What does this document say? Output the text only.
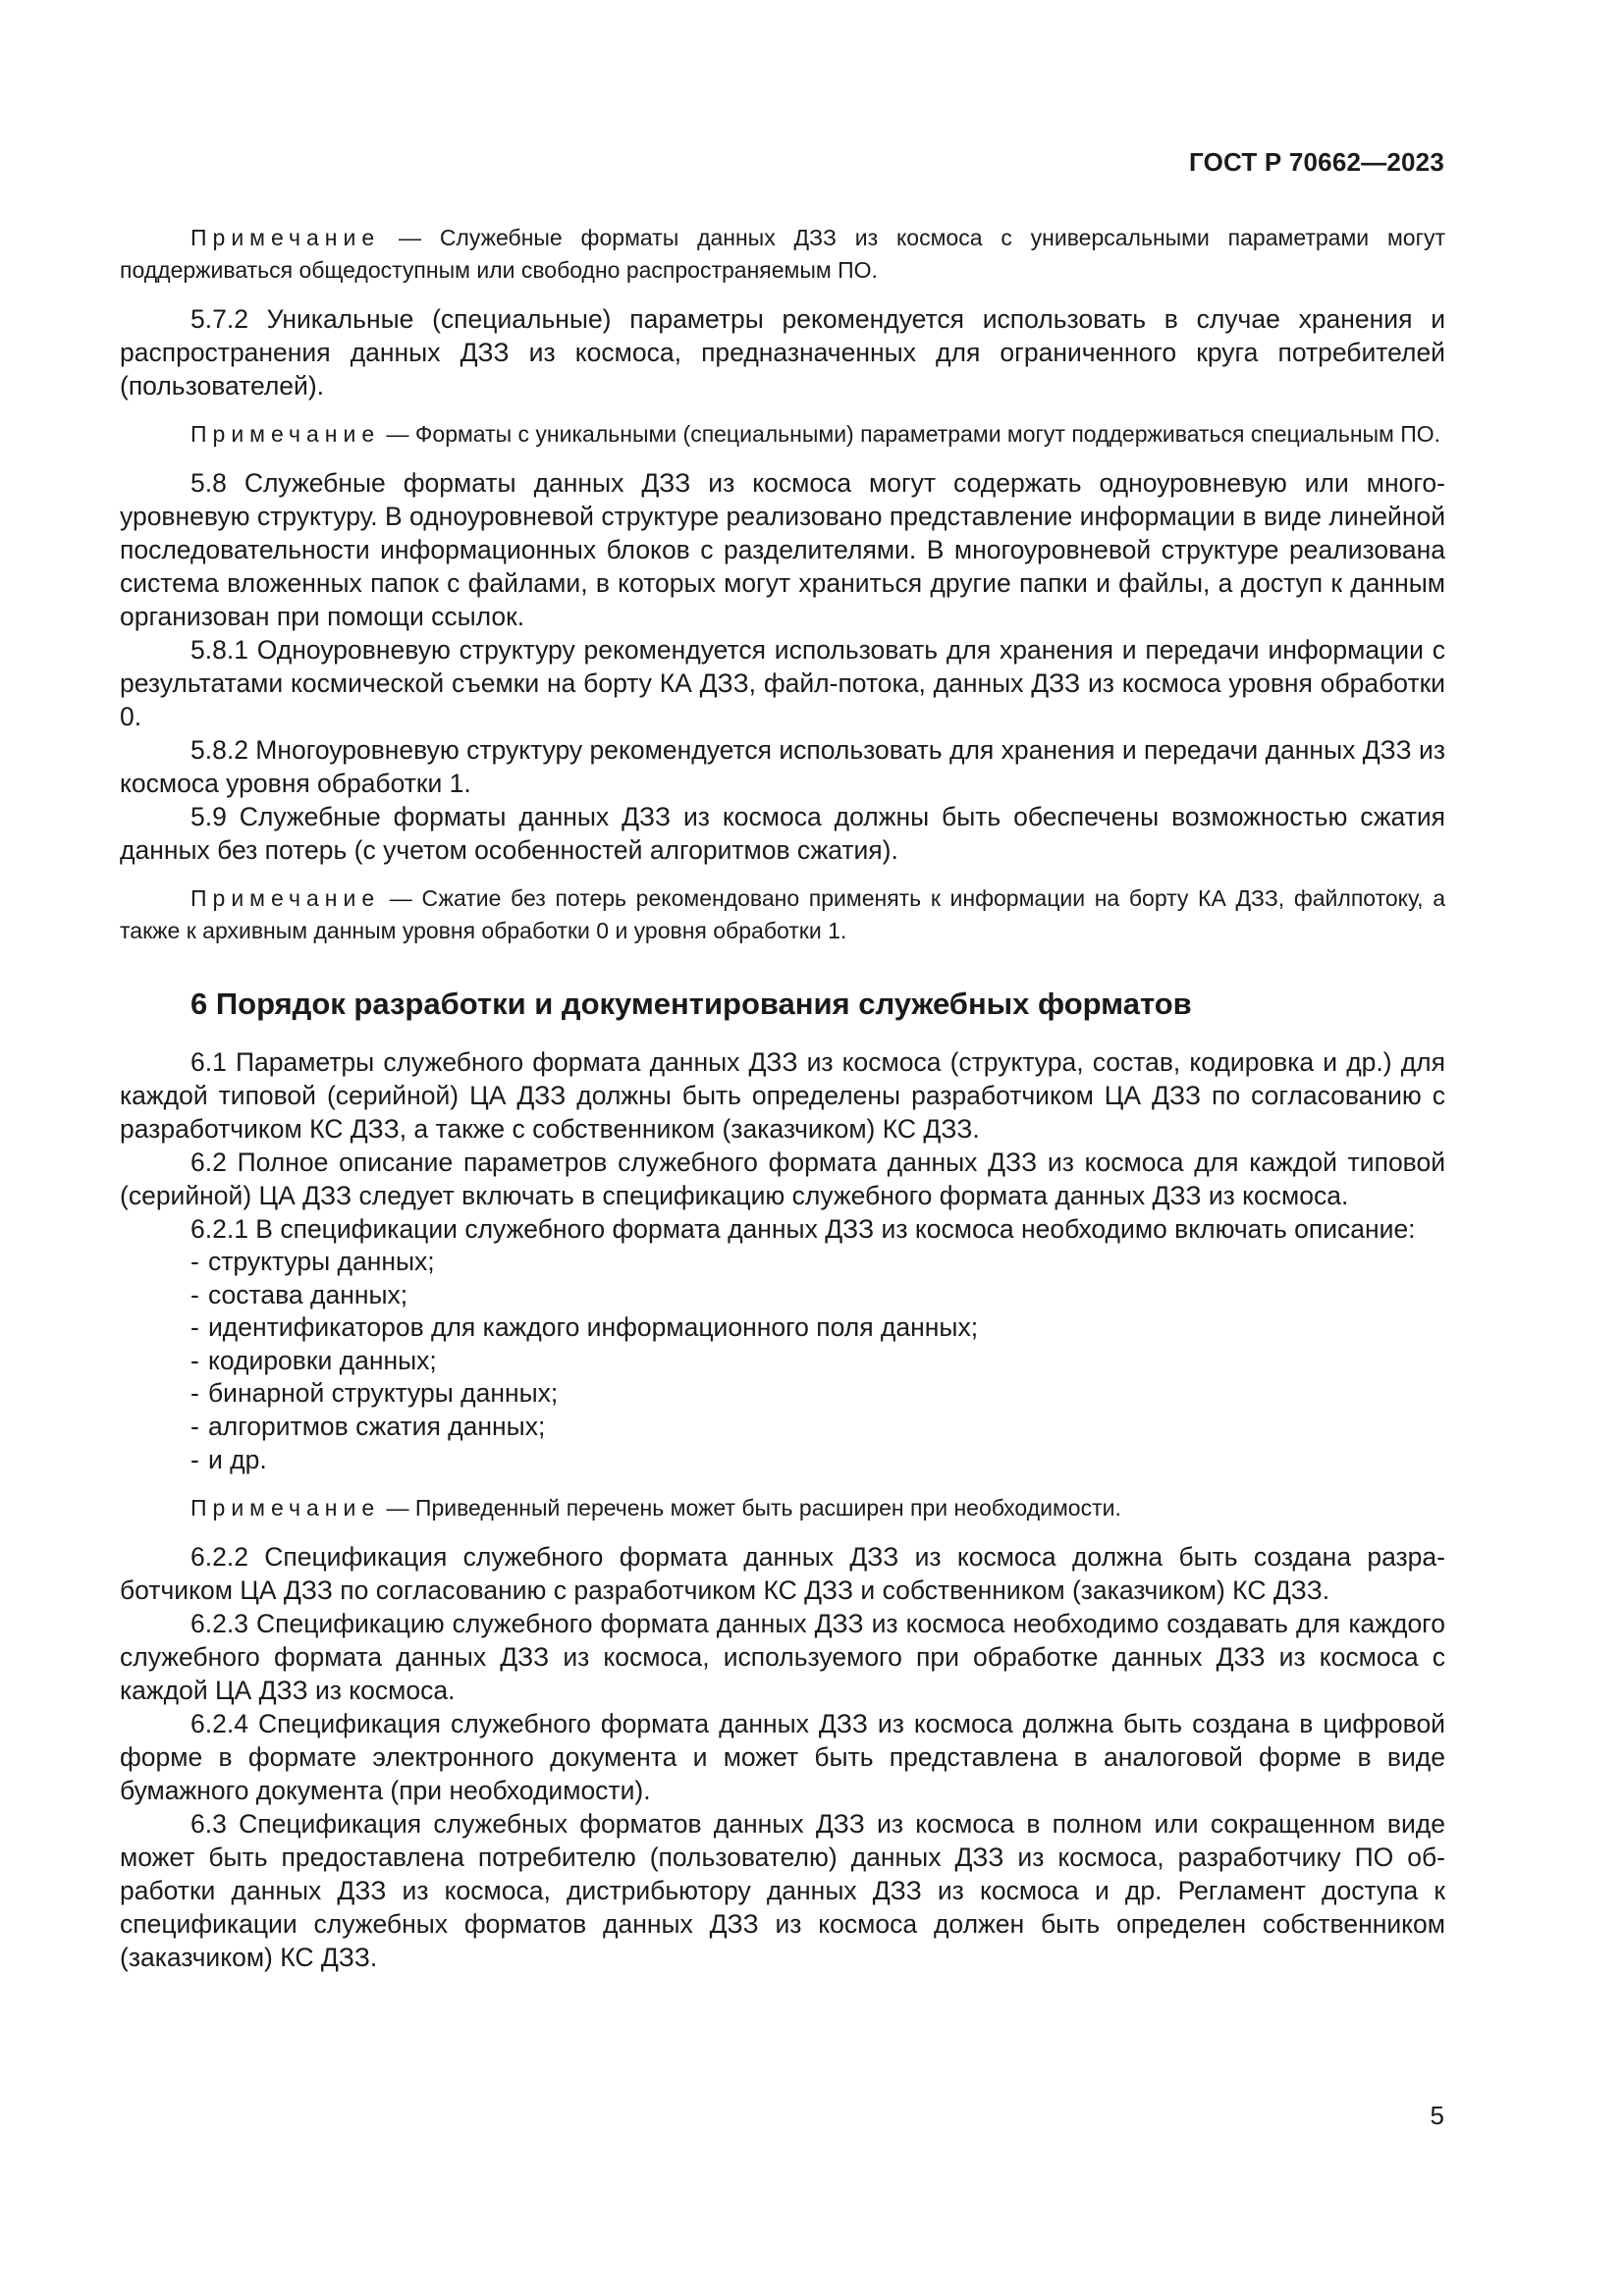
ГОСТ Р 70662—2023

Примечание — Служебные форматы данных ДЗЗ из космоса с универсальными параметрами могут поддерживаться общедоступным или свободно распространяемым ПО.

5.7.2 Уникальные (специальные) параметры рекомендуется использовать в случае хранения и распространения данных ДЗЗ из космоса, предназначенных для ограниченного круга потребителей (пользователей).

Примечание — Форматы с уникальными (специальными) параметрами могут поддерживаться специальным ПО.

5.8 Служебные форматы данных ДЗЗ из космоса могут содержать одноуровневую или многоуровневую структуру. В одноуровневой структуре реализовано представление информации в виде линейной последовательности информационных блоков с разделителями. В многоуровневой структуре реализована система вложенных папок с файлами, в которых могут храниться другие папки и файлы, а доступ к данным организован при помощи ссылок.

5.8.1 Одноуровневую структуру рекомендуется использовать для хранения и передачи информации с результатами космической съемки на борту КА ДЗЗ, файл-потока, данных ДЗЗ из космоса уровня обработки 0.

5.8.2 Многоуровневую структуру рекомендуется использовать для хранения и передачи данных ДЗЗ из космоса уровня обработки 1.

5.9 Служебные форматы данных ДЗЗ из космоса должны быть обеспечены возможностью сжатия данных без потерь (с учетом особенностей алгоритмов сжатия).

Примечание — Сжатие без потерь рекомендовано применять к информации на борту КА ДЗЗ, файлпотоку, а также к архивным данным уровня обработки 0 и уровня обработки 1.

6 Порядок разработки и документирования служебных форматов

6.1 Параметры служебного формата данных ДЗЗ из космоса (структура, состав, кодировка и др.) для каждой типовой (серийной) ЦА ДЗЗ должны быть определены разработчиком ЦА ДЗЗ по согласованию с разработчиком КС ДЗЗ, а также с собственником (заказчиком) КС ДЗЗ.

6.2 Полное описание параметров служебного формата данных ДЗЗ из космоса для каждой типовой (серийной) ЦА ДЗЗ следует включать в спецификацию служебного формата данных ДЗЗ из космоса.

6.2.1 В спецификации служебного формата данных ДЗЗ из космоса необходимо включать описание:

- структуры данных;
- состава данных;
- идентификаторов для каждого информационного поля данных;
- кодировки данных;
- бинарной структуры данных;
- алгоритмов сжатия данных;
- и др.

Примечание — Приведенный перечень может быть расширен при необходимости.

6.2.2 Спецификация служебного формата данных ДЗЗ из космоса должна быть создана разработчиком ЦА ДЗЗ по согласованию с разработчиком КС ДЗЗ и собственником (заказчиком) КС ДЗЗ.

6.2.3 Спецификацию служебного формата данных ДЗЗ из космоса необходимо создавать для каждого служебного формата данных ДЗЗ из космоса, используемого при обработке данных ДЗЗ из космоса с каждой ЦА ДЗЗ из космоса.

6.2.4 Спецификация служебного формата данных ДЗЗ из космоса должна быть создана в цифровой форме в формате электронного документа и может быть представлена в аналоговой форме в виде бумажного документа (при необходимости).

6.3 Спецификация служебных форматов данных ДЗЗ из космоса в полном или сокращенном виде может быть предоставлена потребителю (пользователю) данных ДЗЗ из космоса, разработчику ПО обработки данных ДЗЗ из космоса, дистрибьютору данных ДЗЗ из космоса и др. Регламент доступа к спецификации служебных форматов данных ДЗЗ из космоса должен быть определен собственником (заказчиком) КС ДЗЗ.

5
